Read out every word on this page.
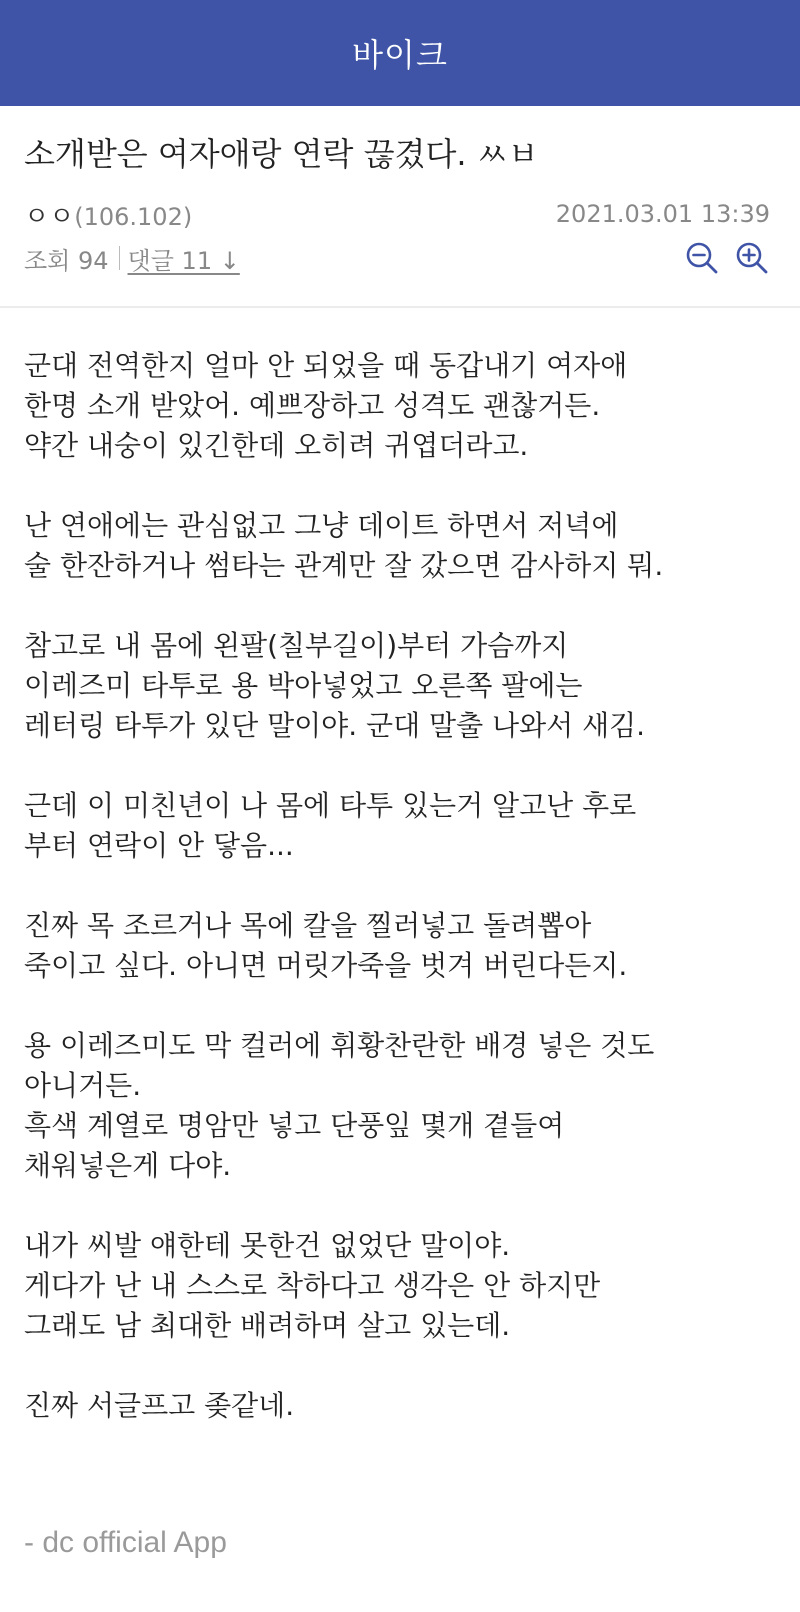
바이크
소개받은 여자애랑 연락 끊겼다. ㅆㅂ
ㅇㅇ(106.102)	2021.03.01 13:39
조회 94 댓글 11 ↓
군대 전역한지 얼마 안 되었을 때 동갑내기 여자애
한명 소개 받았어. 예쁘장하고 성격도 괜찮거든.
약간 내숭이 있긴한데 오히려 귀엽더라고.
난 연애에는 관심없고 그냥 데이트 하면서 저녁에
술 한잔하거나 썸타는 관계만 잘 갔으면 감사하지 뭐.
참고로 내 몸에 왼팔(칠부길이)부터 가슴까지
이레즈미 타투로 용 박아넣었고 오른쪽 팔에는
레터링 타투가 있단 말이야. 군대 말출 나와서 새김.
근데 이 미친년이 나 몸에 타투 있는거 알고난 후로
부터 연락이 안 닿음...
진짜 목 조르거나 목에 칼을 찔러넣고 돌려뽑아
죽이고 싶다. 아니면 머릿가죽을 벗겨 버린다든지.
용 이레즈미도 막 컬러에 휘황찬란한 배경 넣은 것도
아니거든.
흑색 계열로 명암만 넣고 단풍잎 몇개 곁들여
채워넣은게 다야.
내가 씨발 얘한테 못한건 없었단 말이야.
게다가 난 내 스스로 착하다고 생각은 안 하지만
그래도 남 최대한 배려하며 살고 있는데.
진짜 서글프고 좆같네.
- dc official App
